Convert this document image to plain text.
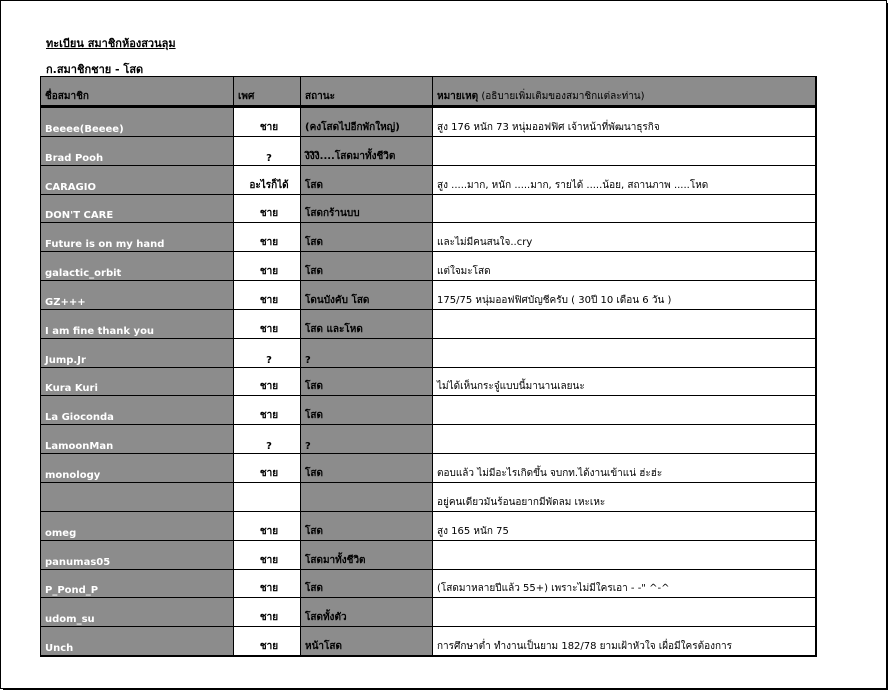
ทะเบียน สมาชิกห้องสวนลุม
ก.สมาชิกชาย - โสด
ชื่อสมาชิก	เพศ	สถานะ	หมายเหตุ (อธิบายเพิ่มเติมของสมาชิกแต่ละท่าน)
Beeee(Beeee)	ชาย	(คงโสดไปอีกพักใหญ่)	สูง 176 หนัก 73 หนุ่มออฟฟิศ เจ้าหน้าที่พัฒนาธุรกิจ
Brad Pooh	?	งิงิงิ....โสดมาทั้งชีวิต	
CARAGIO	อะไรก็ได้	โสด	สูง .....มาก, หนัก .....มาก, รายได้ .....น้อย, สถานภาพ .....โหด
DON'T CARE	ชาย	โสดกร้านบบ	
Future is on my hand	ชาย	โสด	และไม่มีคนสนใจ..cry
galactic_orbit	ชาย	โสด	แต่ใจมะโสด
GZ+++	ชาย	โดนบังคับ โสด	175/75 หนุ่มออฟฟิศบัญชีครับ ( 30ปี 10 เดือน 6 วัน )
I am fine thank you	ชาย	โสด และโหด	
Jump.Jr	?	?	
Kura Kuri	ชาย	โสด	ไม่ได้เห็นกระจู๋แบบนี้มานานเลยนะ
La Gioconda	ชาย	โสด	
LamoonMan	?	?	
monology	ชาย	โสด	ตอบแล้ว ไม่มีอะไรเกิดขึ้น จบกท.ได้งานเข้าแน่ ฮ่ะฮ่ะ
			อยู่คนเดียวมันร้อนอยากมีพัดลม เหะเหะ
omeg	ชาย	โสด	สูง 165 หนัก 75
panumas05	ชาย	โสดมาทั้งชีวิต	
P_Pond_P	ชาย	โสด	(โสดมาหลายปีแล้ว 55+) เพราะไม่มีใครเอา - -" ^-^
udom_su	ชาย	โสดทั้งตัว	
Unch	ชาย	หน้าโสด	การศึกษาต่ำ ทำงานเป็นยาม 182/78 ยามเฝ้าหัวใจ เผื่อมีใครต้องการ
